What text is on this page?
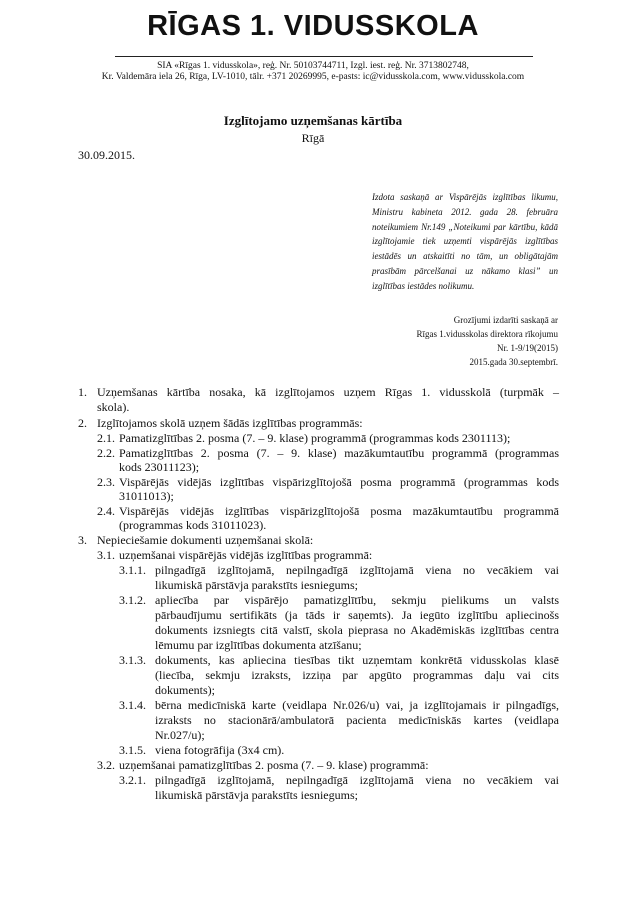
RĪGAS 1. VIDUSSKOLA
SIA «Rīgas 1. vidusskola», reģ. Nr. 50103744711, Izgl. iest. reģ. Nr. 3713802748,
Kr. Valdemāra iela 26, Rīga, LV-1010, tālr. +371 20269995, e-pasts: ic@vidusskola.com, www.vidusskola.com
Izglītojamo uzņemšanas kārtība
Rīgā
30.09.2015.
Izdota saskaņā ar Vispārējās izglītības likumu, Ministru kabineta 2012. gada 28. februāra noteikumiem Nr.149 „Noteikumi par kārtību, kādā izglītojamie tiek uzņemti vispārējās izglītības iestādēs un atskaitīti no tām, un obligātajām prasībām pārcelšanai uz nākamo klasi” un izglītības iestādes nolikumu.
Grozījumi izdarīti saskaņā ar
Rīgas 1.vidusskolas direktora rīkojumu
Nr. 1-9/19(2015)
2015.gada 30.septembrī.
1. Uzņemšanas kārtība nosaka, kā izglītojamos uzņem Rīgas 1. vidusskolā (turpmāk –
skola).
2. Izglītojamos skolā uzņem šādās izglītības programmās:
2.1. Pamatizglītības 2. posma (7. – 9. klase) programmā (programmas kods 2301113);
2.2. Pamatizglītības 2. posma (7. – 9. klase) mazākumtautību programmā (programmas
kods 23011123);
2.3. Vispārējās vidējās izglītības vispārizglītojošā posma programmā (programmas kods
31011013);
2.4. Vispārējās vidējās izglītības vispārizglītojošā posma mazākumtautību programmā
(programmas kods 31011023).
3. Nepieciešamie dokumenti uzņemšanai skolā:
3.1. uzņemšanai vispārējās vidējās izglītības programmā:
3.1.1. pilngadīgā izglītojamā, nepilngadīgā izglītojamā viena no vecākiem vai
likumiskā pārstāvja parakstīts iesniegums;
3.1.2. apliecība par vispārējo pamatizglītību, sekmju pielikums un valsts
pārbaudījumu sertifikāts (ja tāds ir saņemts). Ja iegūto izglītību apliecinošs
dokuments izsniegts citā valstī, skola pieprasa no Akadēmiskās izglītības centra
lēmumu par izglītības dokumenta atzīšanu;
3.1.3. dokuments, kas apliecina tiesības tikt uzņemtam konkrētā vidusskolas klasē
(liecība, sekmju izraksts, izziņa par apgūto programmas daļu vai cits
dokuments);
3.1.4. bērna medicīniskā karte (veidlapa Nr.026/u) vai, ja izglītojamais ir pilngadīgs,
izraksts no stacionārā/ambulatorā pacienta medicīniskās kartes (veidlapa
Nr.027/u);
3.1.5. viena fotogrāfija (3x4 cm).
3.2. uzņemšanai pamatizglītības 2. posma (7. – 9. klase) programmā:
3.2.1. pilngadīgā izglītojamā, nepilngadīgā izglītojamā viena no vecākiem vai
likumiskā pārstāvja parakstīts iesniegums;
